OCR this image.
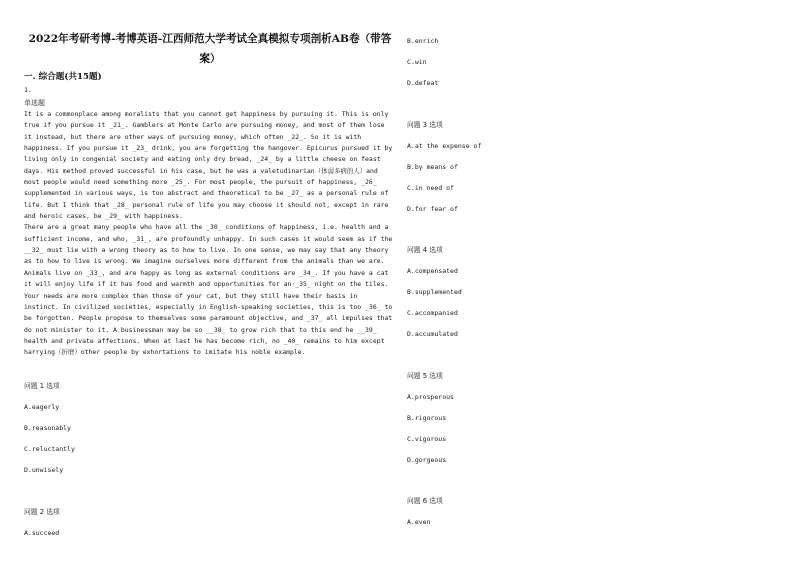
2022年考研考博-考博英语-江西师范大学考试全真模拟专项剖析AB卷（带答案）
一. 综合题(共15题)
1.
单选题

It is a commonplace among moralists that you cannot get happiness by pursuing it. This is only true if you pursue it _21_. Gamblers at Monte Carlo are pursuing money, and most of them lose it instead, but there are other ways of pursuing money, which often _22_. So it is with happiness. If you pursue it _23_ drink, you are forgetting the hangover. Epicurus pursued it by living only in congenial society and eating only dry bread, _24_ by a little cheese on feast days. His method proved successful in his case, but he was a valetudinarian（体弱多病的人）and most people would need something more _25_. For most people, the pursuit of happiness, _26_ supplemented in various ways, is too abstract and theoretical to be _27_ as a personal rule of life. But I think that _28_ personal rule of life you may choose it should not, except in rare and heroic cases, be _29_ with happiness.

There are a great many people who have all the _30_ conditions of happiness, i.e. health and a sufficient income, and who, _31_, are profoundly unhappy. In such cases it would seem as if the __32_ must lie with a wrong theory as to how to live. In one sense, we may say that any theory as to how to live is wrong. We imagine ourselves more different from the animals than we are. Animals live on _33_, and are happy as long as external conditions are _34_. If you have a cat it will enjoy life if it has food and warmth and opportunities for an·_35_ night on the tiles. Your needs are more complex than those of your cat, but they still have their basis in instinct. In civilized societies, especially in English-speaking societies, this is too _36_ to be forgotten. People propose to themselves some paramount objective, and _37_ all impulses that do not minister to it. A businessman may be so __38_ to grow rich that to this end he __39_ health and private affections. When at last he has become rich, no _40_ remains to him except harrying（折磨）other people by exhortations to imitate his noble example.

问题 1 选项
A.eagerly
B.reasonably
C.reluctantly
D.unwisely
问题 2 选项
A.succeed
B.enrich
C.win
D.defeat
问题 3 选项
A.at the expense of
B.by means of
C.in need of
D.for fear of
问题 4 选项
A.compensated
B.supplemented
C.accompanied
D.accumulated
问题 5 选项
A.prosperous
B.rigorous
C.vigorous
D.gorgeous
问题 6 选项
A.even
